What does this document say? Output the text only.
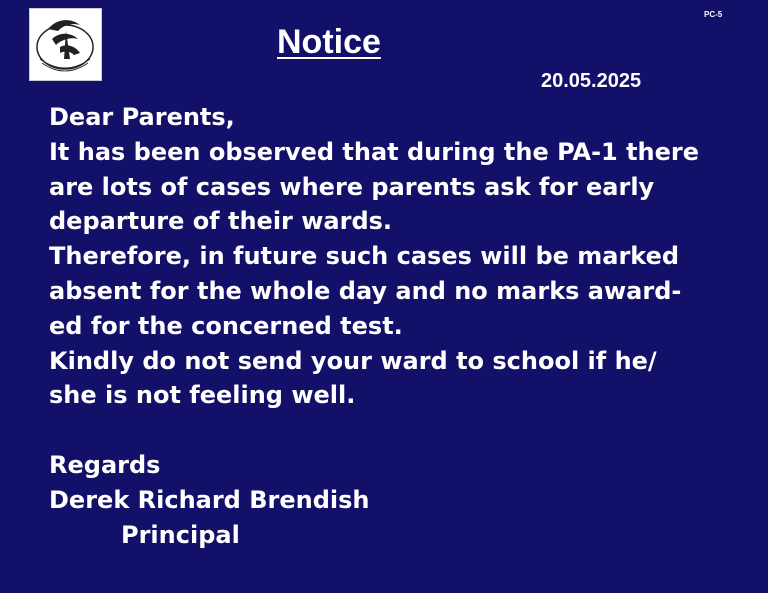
PC-5
Notice
20.05.2025
Dear Parents,
It has been observed that during the PA-1 there
are lots of cases where parents ask for early
departure of their wards.
Therefore, in future such cases will be marked
absent for the whole day and no marks award-
ed for the concerned test.
Kindly do not send your ward to school if he/
she is not feeling well.
Regards
Derek Richard Brendish
Principal
